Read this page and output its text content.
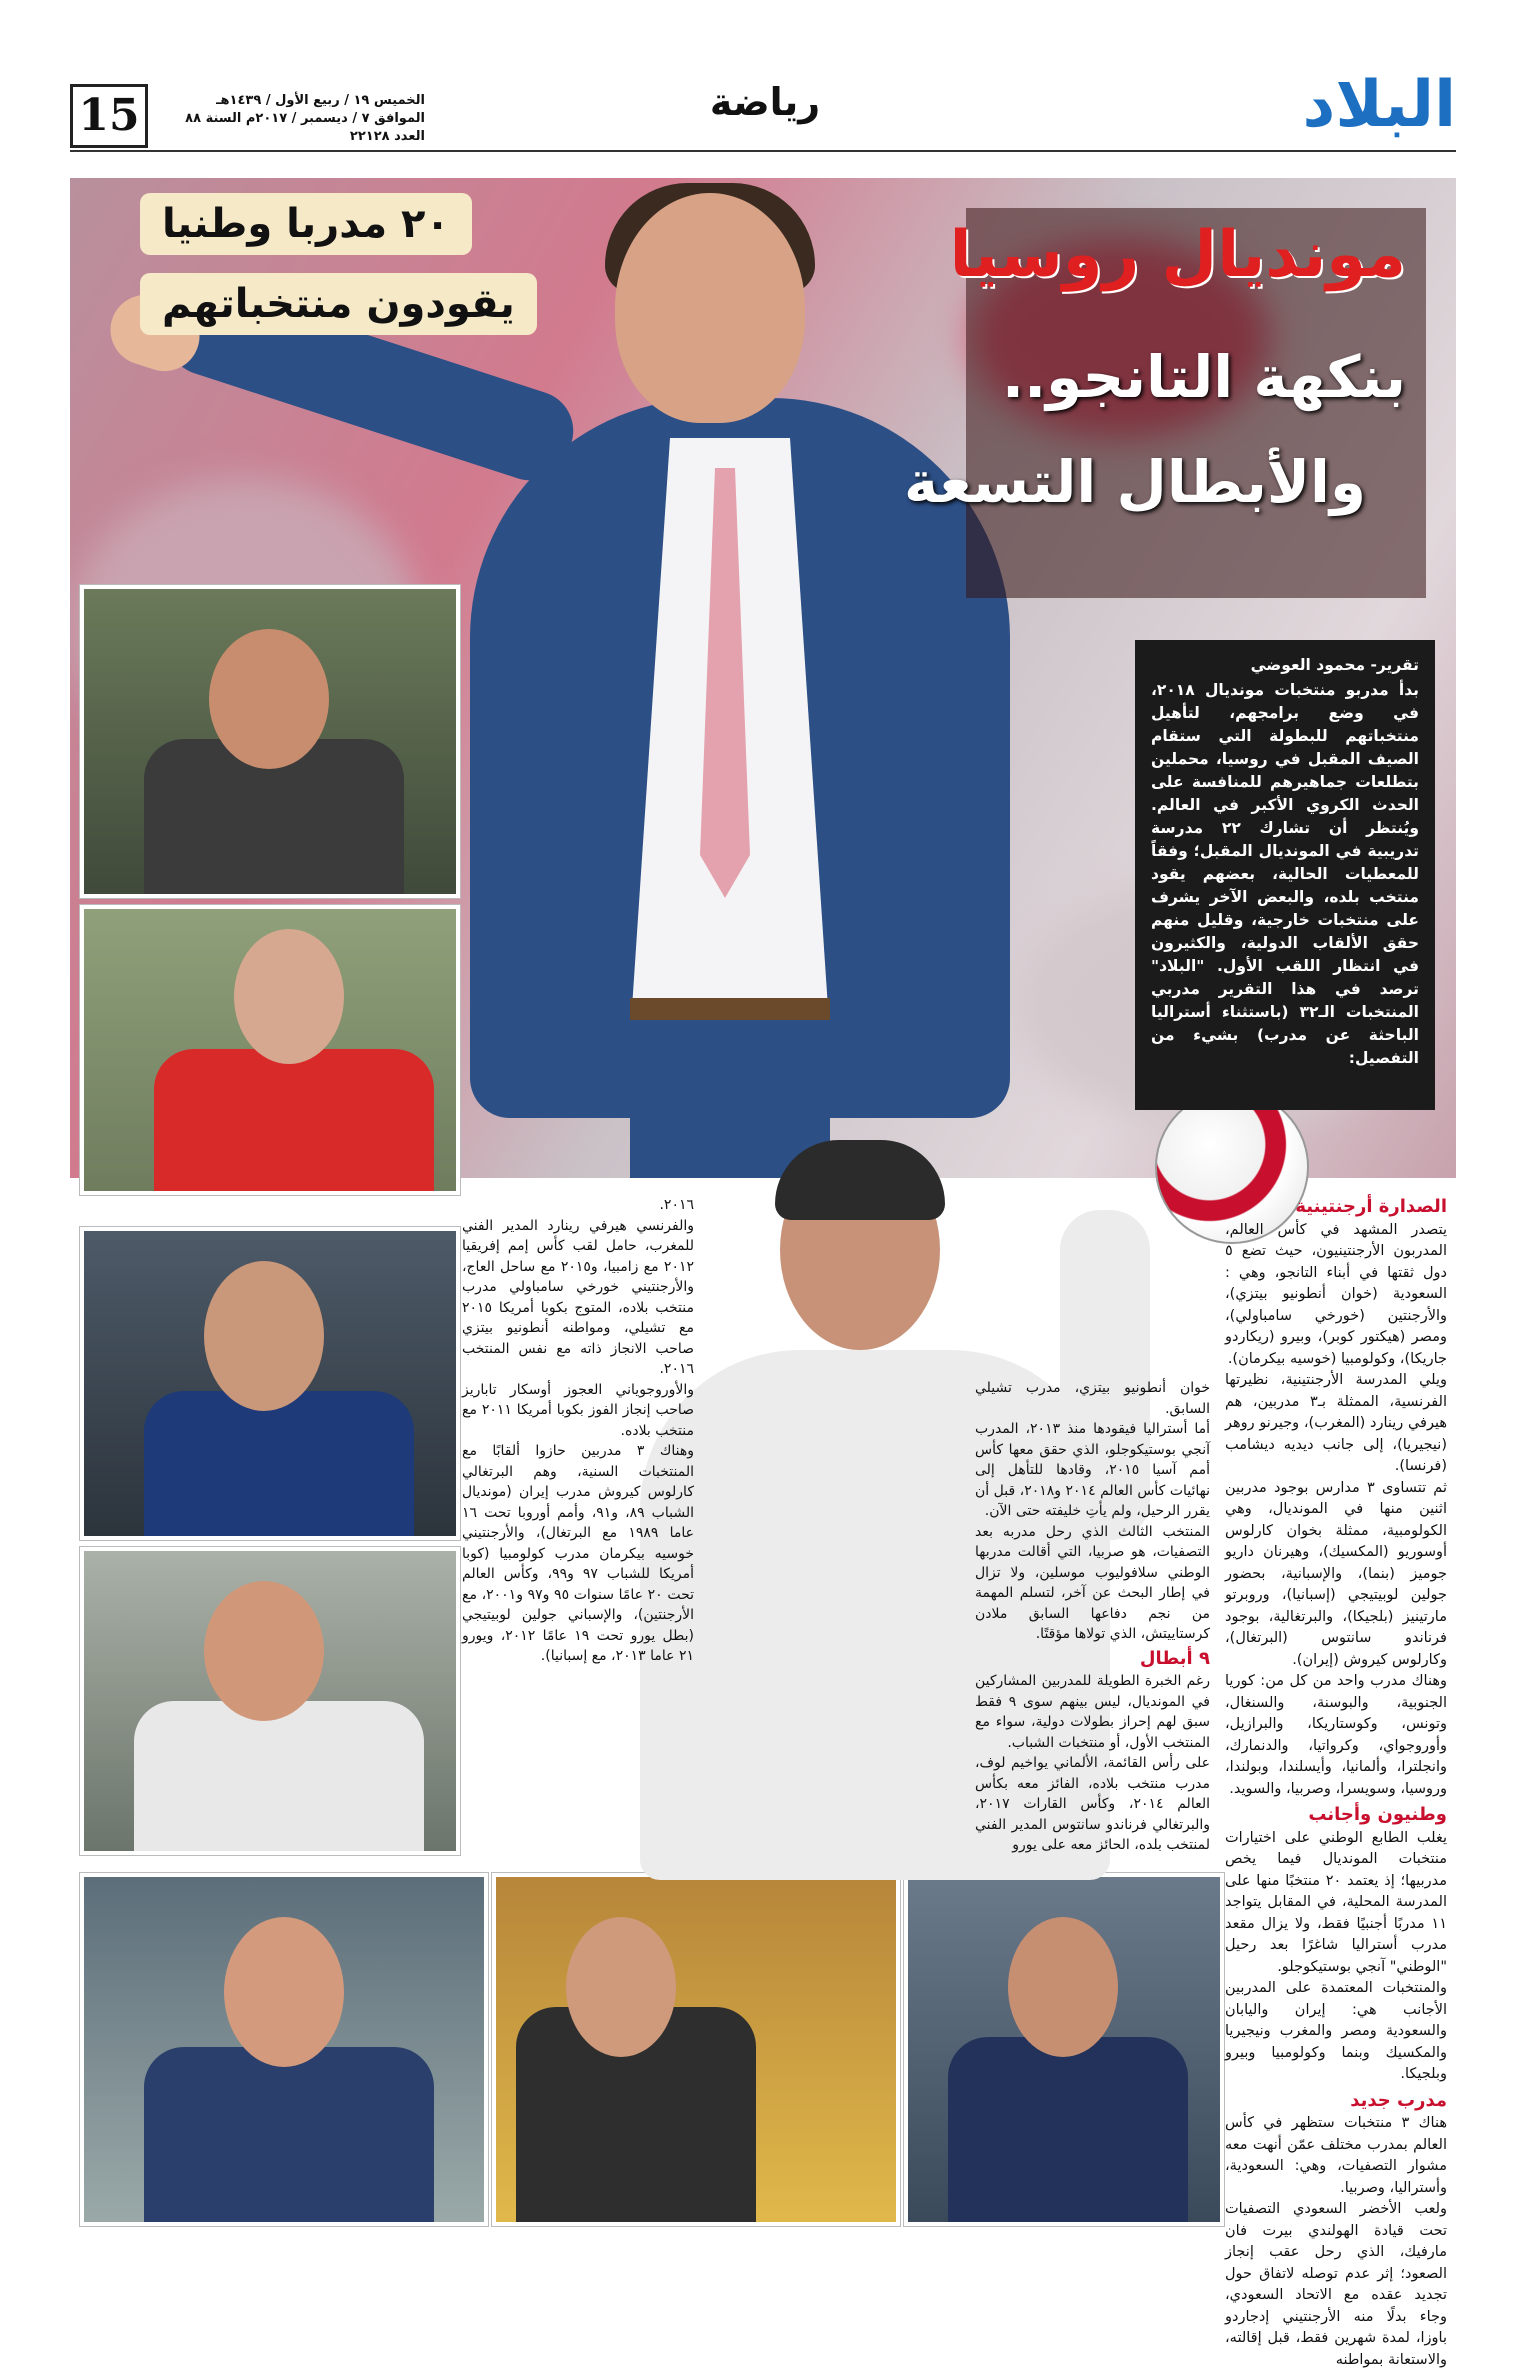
15	الخميس ١٩ / ربيع الأول / ١٤٣٩هـ
الموافق ٧ / ديسمبر / ٢٠١٧م السنة ٨٨ العدد ٢٢١٢٨
رياضة	البلاد
مونديال روسيا
بنكهة التانجو..
والأبطال التسعة
٢٠ مدربا وطنيا
يقودون منتخباتهم
تقرير- محمود العوضي
بدأ مدربو منتخبات مونديال ٢٠١٨، في وضع برامجهم، لتأهيل منتخباتهم للبطولة التي ستقام الصيف المقبل في روسيا، محملين بتطلعات جماهيرهم للمنافسة على الحدث الكروي الأكبر في العالم. ويُنتظر أن تشارك ٢٢ مدرسة تدريبية في المونديال المقبل؛ وفقاً للمعطيات الحالية، بعضهم يقود منتخب بلده، والبعض الآخر يشرف على منتخبات خارجية، وقليل منهم حقق الألقاب الدولية، والكثيرون في انتظار اللقب الأول. "البلاد" ترصد في هذا التقرير مدربي المنتخبات الـ٣٢ (باستثناء أستراليا الباحثة عن مدرب) بشيء من التفصيل:
الصدارة أرجنتينية

يتصدر المشهد في كأس العالم، المدربون الأرجنتينيون، حيث تضع ٥ دول ثقتها في أبناء التانجو، وهي : السعودية (خوان أنطونيو بيتزي)، والأرجنتين (خورخي سامباولي)، ومصر (هيكتور كوبر)، وبيرو (ريكاردو جاريكا)، وكولومبيا (خوسيه بيكرمان).

ويلي المدرسة الأرجنتينية، نظيرتها الفرنسية، الممثلة بـ٣ مدربين، هم هيرفي رينارد (المغرب)، وجيرنو روهر (نيجيريا)، إلى جانب ديديه ديشامب (فرنسا).

ثم تتساوى ٣ مدارس بوجود مدربين اثنين منها في المونديال، وهي الكولومبية، ممثلة بخوان كارلوس أوسوريو (المكسيك)، وهيرنان داريو جوميز (بنما)، والإسبانية، بحضور جولين لوبيتيجي (إسبانيا)، وروبرتو مارتينيز (بلجيكا)، والبرتغالية، بوجود فرناندو سانتوس (البرتغال)، وكارلوس كيروش (إيران).

وهناك مدرب واحد من كل من: كوريا الجنوبية، والبوسنة، والسنغال، وتونس، وكوستاريكا، والبرازيل، وأوروجواي، وكرواتيا، والدنمارك، وانجلترا، وألمانيا، وأيسلندا، وبولندا، وروسيا، وسويسرا، وصربيا، والسويد.

وطنيون وأجانب

يغلب الطابع الوطني على اختيارات منتخبات المونديال فيما يخص مدربيها؛ إذ يعتمد ٢٠ منتخبًا منها على المدرسة المحلية، في المقابل يتواجد ١١ مدربًا أجنبيًا فقط، ولا يزال مقعد مدرب أستراليا شاغرًا بعد رحيل "الوطني" آنجي بوستيكوجلو.

والمنتخبات المعتمدة على المدربين الأجانب هي: إيران واليابان والسعودية ومصر والمغرب ونيجيريا والمكسيك وبنما وكولومبيا وبيرو وبلجيكا.

مدرب جديد

هناك ٣ منتخبات ستظهر في كأس العالم بمدرب مختلف عمّن أنهت معه مشوار التصفيات، وهي: السعودية، وأستراليا، وصربيا.

ولعب الأخضر السعودي التصفيات تحت قيادة الهولندي بيرت فان مارفيك، الذي رحل عقب إنجاز الصعود؛ إثر عدم توصله لاتفاق حول تجديد عقده مع الاتحاد السعودي، وجاء بدلًا منه الأرجنتيني إدجاردو باوزا، لمدة شهرين فقط، قبل إقالته، والاستعانة بمواطنه

خوان أنطونيو بيتزي، مدرب تشيلي السابق.

أما أستراليا فيقودها منذ ٢٠١٣، المدرب آنجي بوستيكوجلو، الذي حقق معها كأس أمم آسيا ٢٠١٥، وقادها للتأهل إلى نهائيات كأس العالم ٢٠١٤ و٢٠١٨، قبل أن يقرر الرحيل، ولم يأتِ خليفته حتى الآن.

المنتخب الثالث الذي رحل مدربه بعد التصفيات، هو صربيا، التي أقالت مدربها الوطني سلافوليوب موسلين، ولا تزال في إطار البحث عن آخر، لتسلم المهمة من نجم دفاعها السابق ملادن كرستاييتش، الذي تولاها مؤقتًا.

٩ أبطال

رغم الخبرة الطويلة للمدربين المشاركين في المونديال، ليس بينهم سوى ٩ فقط سبق لهم إحراز بطولات دولية، سواء مع المنتخب الأول، أو منتخبات الشباب.

على رأس القائمة، الألماني يواخيم لوف، مدرب منتخب بلاده، الفائز معه بكأس العالم ٢٠١٤، وكأس القارات ٢٠١٧، والبرتغالي فرناندو سانتوس المدير الفني لمنتخب بلده، الحائز معه على يورو

٢٠١٦.

والفرنسي هيرفي رينارد المدير الفني للمغرب، حامل لقب كأس إمم إفريقيا ٢٠١٢ مع زامبيا، و٢٠١٥ مع ساحل العاج، والأرجنتيني خورخي سامباولي مدرب منتخب بلاده، المتوج بكوبا أمريكا ٢٠١٥ مع تشيلي، ومواطنه أنطونيو بيتزي صاحب الانجاز ذاته مع نفس المنتخب ٢٠١٦.

والأوروجوياني العجوز أوسكار تاباريز صاحب إنجاز الفوز بكوبا أمريكا ٢٠١١ مع منتخب بلاده.

وهناك ٣ مدربين حازوا ألقابًا مع المنتخبات السنية، وهم البرتغالي كارلوس كيروش مدرب إيران (مونديال الشباب ٨٩، و٩١، وأمم أوروبا تحت ١٦ عاما ١٩٨٩ مع البرتغال)، والأرجنتيني خوسيه بيكرمان مدرب كولومبيا (كوبا أمريكا للشباب ٩٧ و٩٩، وكأس العالم تحت ٢٠ عامًا سنوات ٩٥ و٩٧ و٢٠٠١، مع الأرجنتين)، والإسباني جولين لوبيتيجي (بطل يورو تحت ١٩ عامًا ٢٠١٢، ويورو ٢١ عاما ٢٠١٣، مع إسبانيا).
